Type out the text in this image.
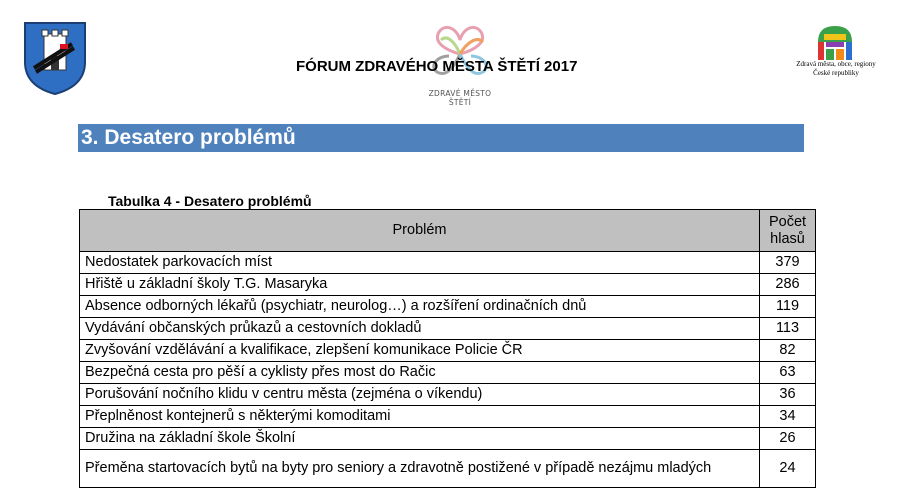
ZDRAVÉ MĚSTO
ŠTĚTÍ
FÓRUM ZDRAVÉHO MĚSTA ŠTĚTÍ 2017	Zdravá města, obce, regiony
České republiky
3. Desatero problémů
Tabulka 4 - Desatero problémů
Problém	Počet
hlasů

Nedostatek parkovacích míst	379
Hřiště u základní školy T.G. Masaryka	286
Absence odborných lékařů (psychiatr, neurolog…) a rozšíření ordinačních dnů	119
Vydávání občanských průkazů a cestovních dokladů	113
Zvyšování vzdělávání a kvalifikace, zlepšení komunikace Policie ČR	82
Bezpečná cesta pro pěší a cyklisty přes most do Račic	63
Porušování nočního klidu v centru města (zejména o víkendu)	36
Přeplněnost kontejnerů s některými komoditami	34
Družina na základní škole Školní	26
Přeměna startovacích bytů na byty pro seniory a zdravotně postižené v případě nezájmu mladých	24
